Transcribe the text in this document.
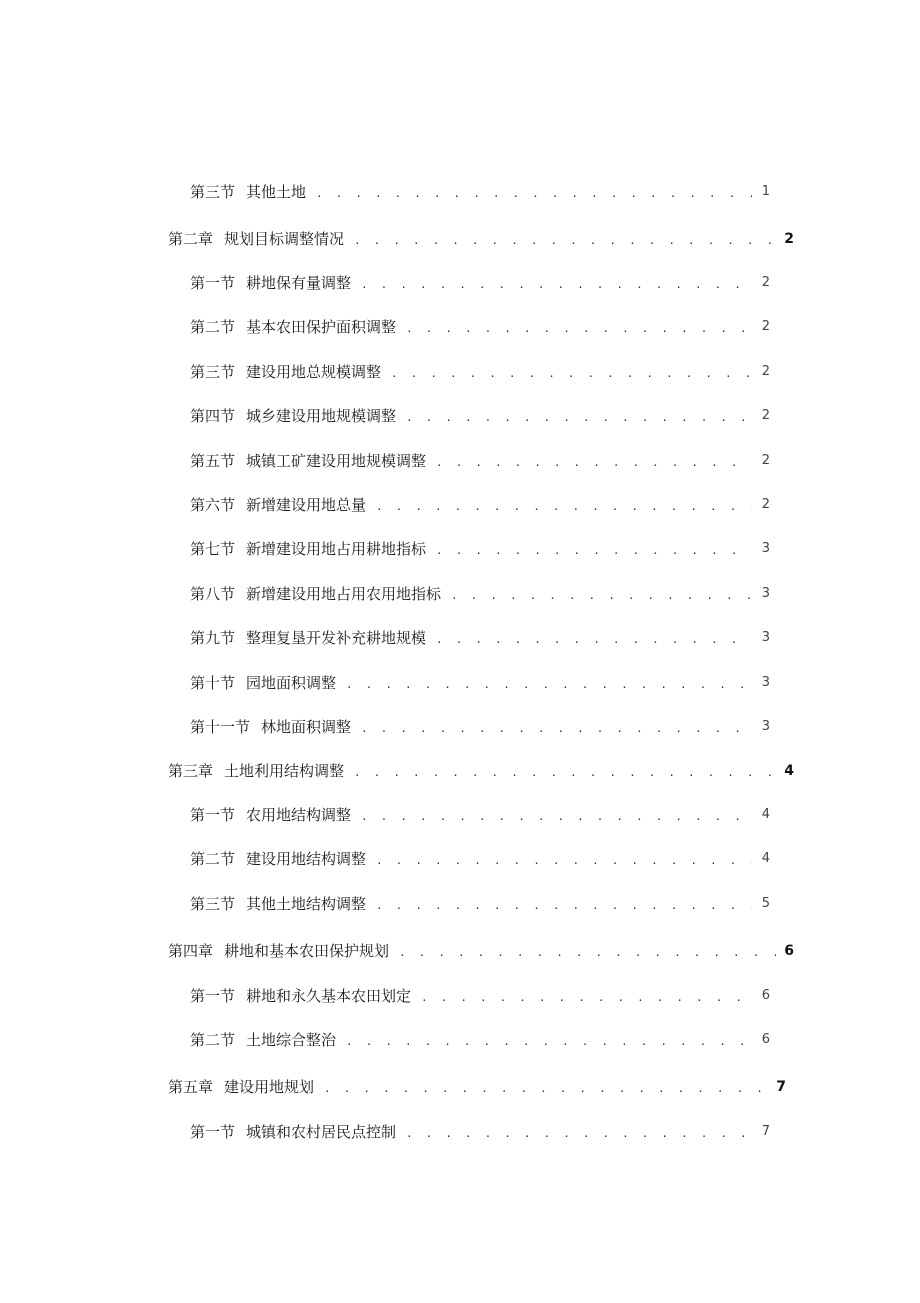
第三节 其他土地 . . .	1
第二章 规划目标调整情况 . . .	2
第一节 耕地保有量调整 . . .	2
第二节 基本农田保护面积调整 . . .	2
第三节 建设用地总规模调整 . . .	2
第四节 城乡建设用地规模调整 . . .	2
第五节 城镇工矿建设用地规模调整 . . .	2
第六节 新增建设用地总量 . . .	2
第七节 新增建设用地占用耕地指标 . . .	3
第八节 新增建设用地占用农用地指标 . . .	3
第九节 整理复垦开发补充耕地规模 . . .	3
第十节 园地面积调整 . . .	3
第十一节 林地面积调整 . . .	3
第三章 土地利用结构调整 . . .	4
第一节 农用地结构调整 . . .	4
第二节 建设用地结构调整 . . .	4
第三节 其他土地结构调整 . . .	5
第四章 耕地和基本农田保护规划 . . .	6
第一节 耕地和永久基本农田划定 . . .	6
第二节 土地综合整治 . . .	6
第五章 建设用地规划 . . .	7
第一节 城镇和农村居民点控制 . . .	7
